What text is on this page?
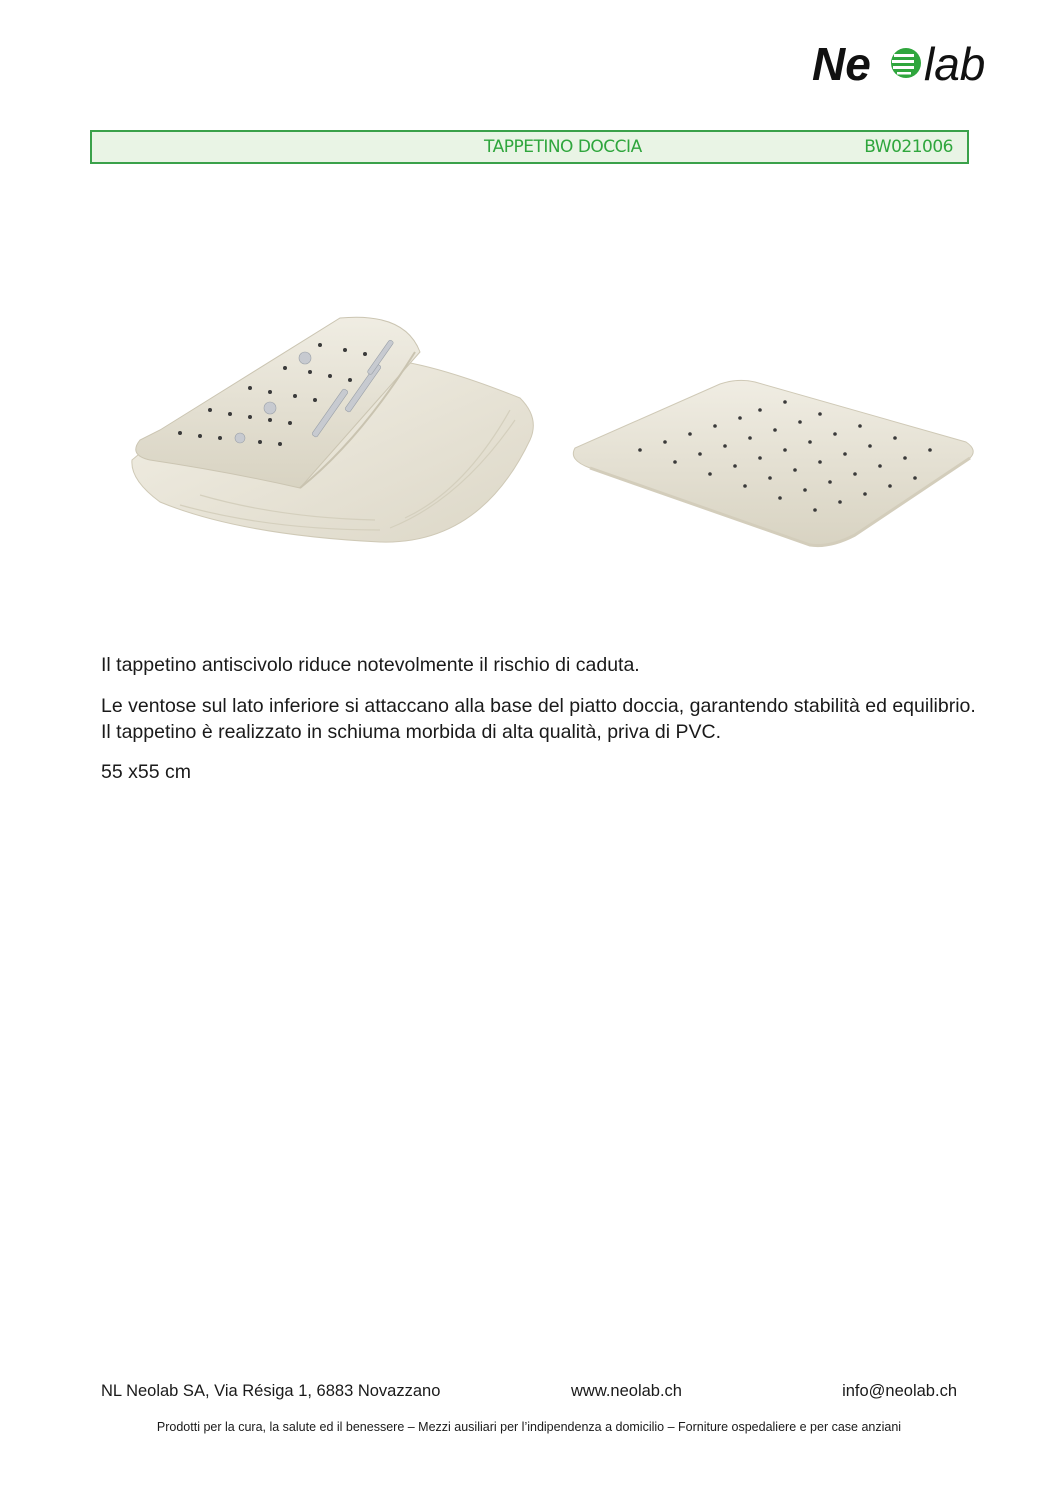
Ne lab
TAPPETINO DOCCIA	BW021006

Il tappetino antiscivolo riduce notevolmente il rischio di caduta.

Le ventose sul lato inferiore si attaccano alla base del piatto doccia, garantendo stabilità ed equilibrio. Il tappetino è realizzato in schiuma morbida di alta qualità, priva di PVC.

55 x55 cm

NL Neolab SA, Via Résiga 1, 6883 Novazzano	www.neolab.ch	info@neolab.ch
Prodotti per la cura, la salute ed il benessere – Mezzi ausiliari per l’indipendenza a domicilio – Forniture ospedaliere e per case anziani
